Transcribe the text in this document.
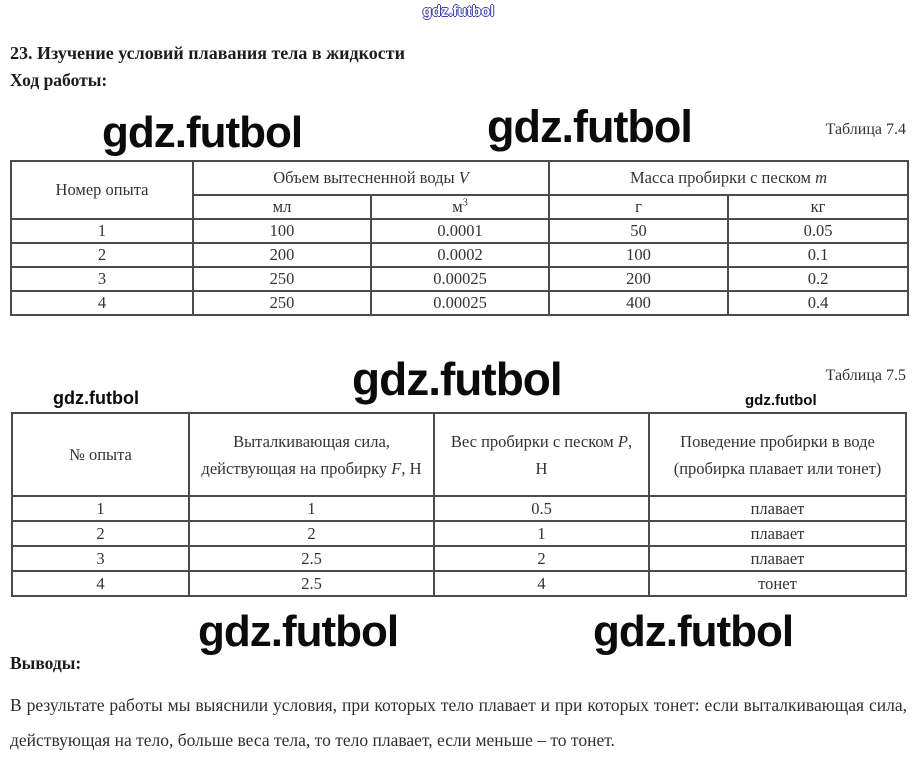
gdz.futbol
23. Изучение условий плавания тела в жидкости
Ход работы:
gdz.futbol	gdz.futbol	Таблица 7.4
Номер опыта	Объем вытесненной воды V		Масса пробирки с песком m	
	мл	$м^3$	г	кг
1	100	0.0001	50	0.05
2	200	0.0002	100	0.1
3	250	0.00025	200	0.2
4	250	0.00025	400	0.4
Таблица 7.5
gdz.futbol	gdz.futbol	gdz.futbol
№ опыта	Выталкивающая сила, действующая на пробирку F, Н	Вес пробирки с песком P, Н	Поведение пробирки в воде (пробирка плавает или тонет)
1	1	0.5	плавает
2	2	1	плавает
3	2.5	2	плавает
4	2.5	4	тонет
gdz.futbol	gdz.futbol
Выводы:

В результате работы мы выяснили условия, при которых тело плавает и при которых тонет: если выталкивающая сила, действующая на тело, больше веса тела, то тело плавает, если меньше – то тонет.
